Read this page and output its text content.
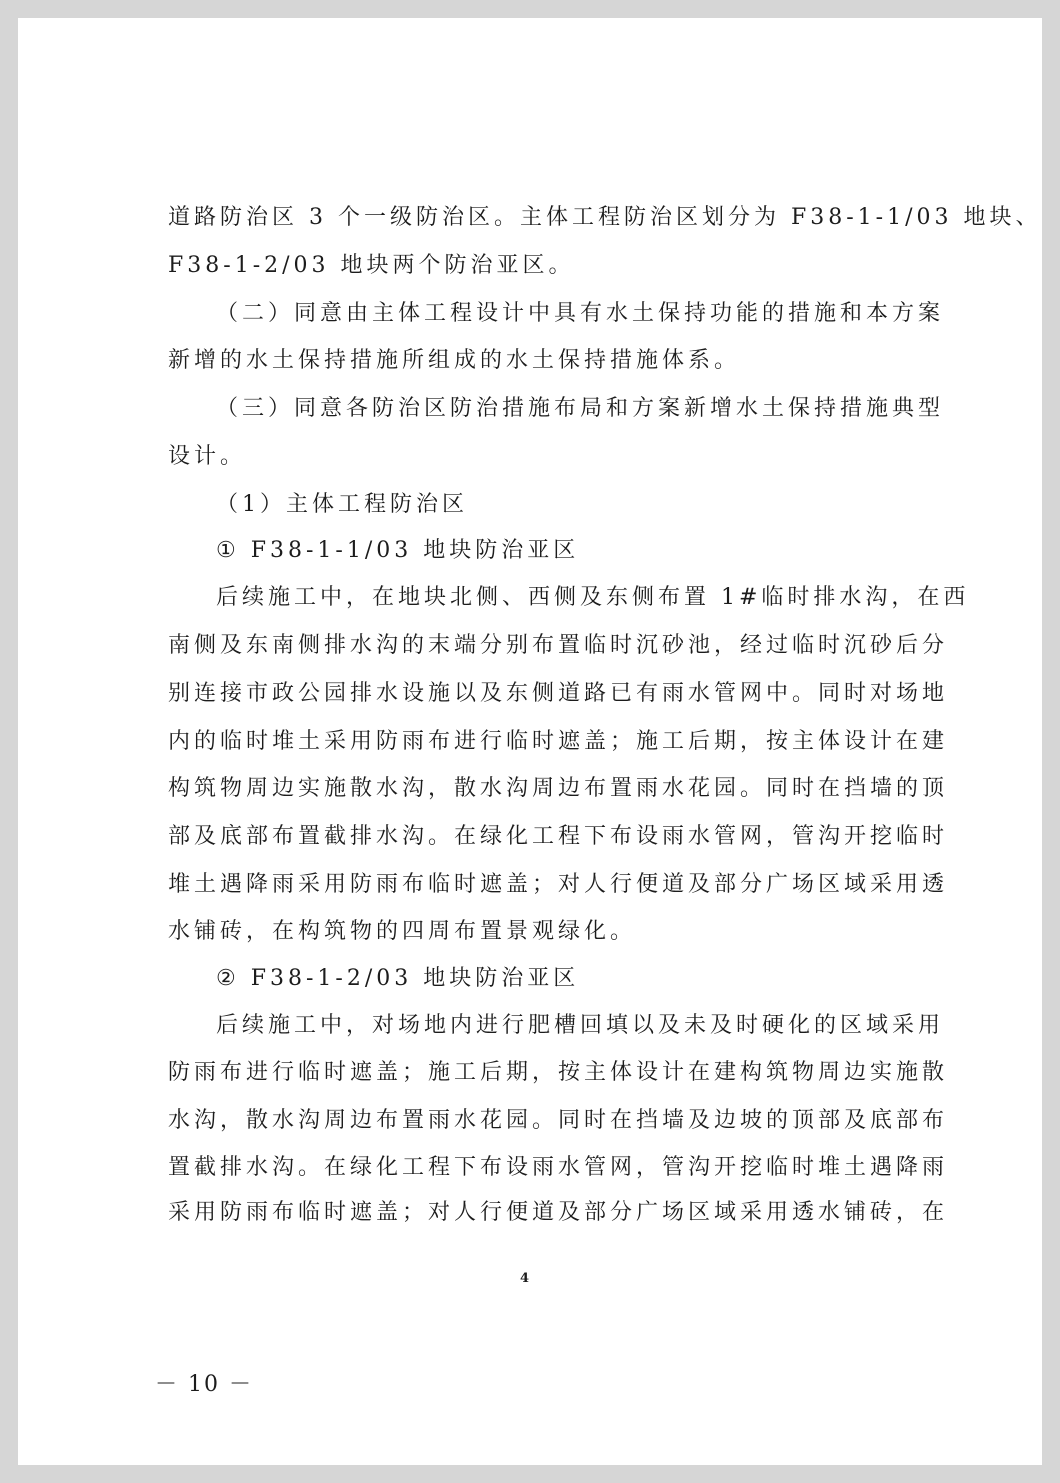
道路防治区 3 个一级防治区。主体工程防治区划分为 F38-1-1/03 地块、
F38-1-2/03 地块两个防治亚区。
（二）同意由主体工程设计中具有水土保持功能的措施和本方案
新增的水土保持措施所组成的水土保持措施体系。
（三）同意各防治区防治措施布局和方案新增水土保持措施典型
设计。
（1）主体工程防治区
① F38-1-1/03 地块防治亚区
后续施工中，在地块北侧、西侧及东侧布置 1#临时排水沟，在西
南侧及东南侧排水沟的末端分别布置临时沉砂池，经过临时沉砂后分
别连接市政公园排水设施以及东侧道路已有雨水管网中。同时对场地
内的临时堆土采用防雨布进行临时遮盖；施工后期，按主体设计在建
构筑物周边实施散水沟，散水沟周边布置雨水花园。同时在挡墙的顶
部及底部布置截排水沟。在绿化工程下布设雨水管网，管沟开挖临时
堆土遇降雨采用防雨布临时遮盖；对人行便道及部分广场区域采用透
水铺砖，在构筑物的四周布置景观绿化。
② F38-1-2/03 地块防治亚区
后续施工中，对场地内进行肥槽回填以及未及时硬化的区域采用
防雨布进行临时遮盖；施工后期，按主体设计在建构筑物周边实施散
水沟，散水沟周边布置雨水花园。同时在挡墙及边坡的顶部及底部布
置截排水沟。在绿化工程下布设雨水管网，管沟开挖临时堆土遇降雨
采用防雨布临时遮盖；对人行便道及部分广场区域采用透水铺砖，在
4
－ 10 －
